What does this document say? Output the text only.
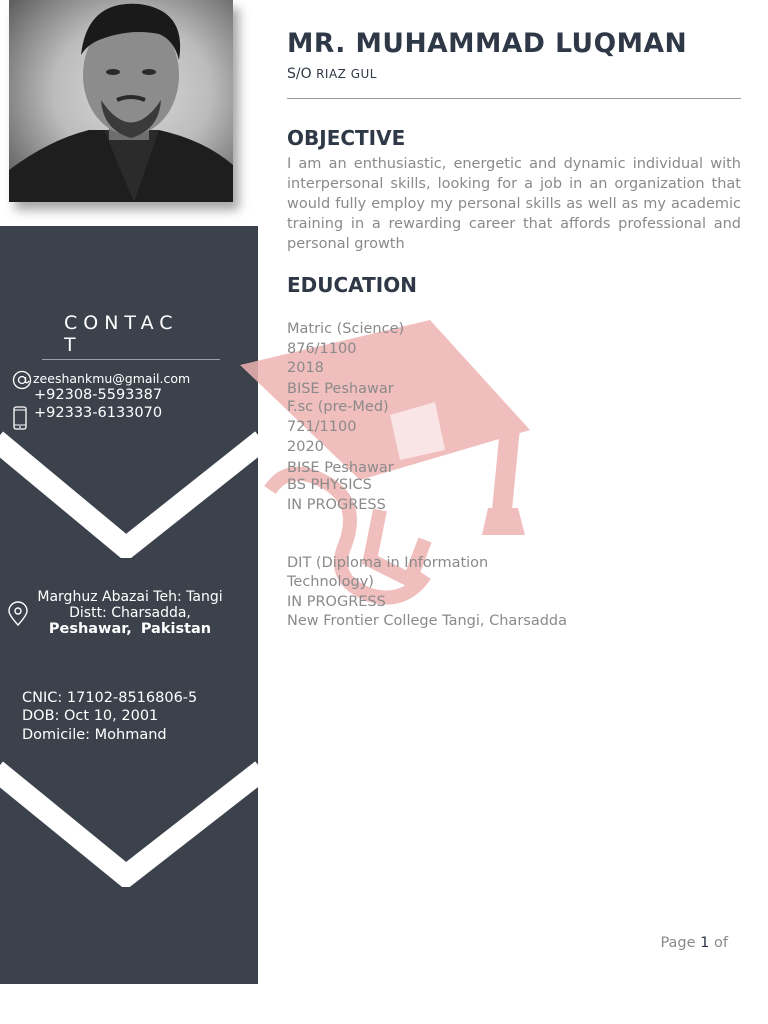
CONTAC T
zeeshankmu@gmail.com
+92308-5593387
+92333-6133070
Marghuz Abazai Teh: Tangi
Distt: Charsadda,
Peshawar, Pakistan
CNIC: 17102-8516806-5
DOB: Oct 10, 2001
Domicile: Mohmand
MR. MUHAMMAD LUQMAN
S/O RIAZ GUL
OBJECTIVE

I am an enthusiastic, energetic and dynamic individual with interpersonal skills, looking for a job in an organization that would fully employ my personal skills as well as my academic training in a rewarding career that affords professional and personal growth

EDUCATION
Matric (Science)
876/1100
2018
BISE Peshawar
F.sc (pre-Med)
721/1100
2020
BISE Peshawar
BS PHYSICS
IN PROGRESS
DIT (Diploma in Information
Technology)
IN PROGRESS
New Frontier College Tangi, Charsadda
Page 1 of
